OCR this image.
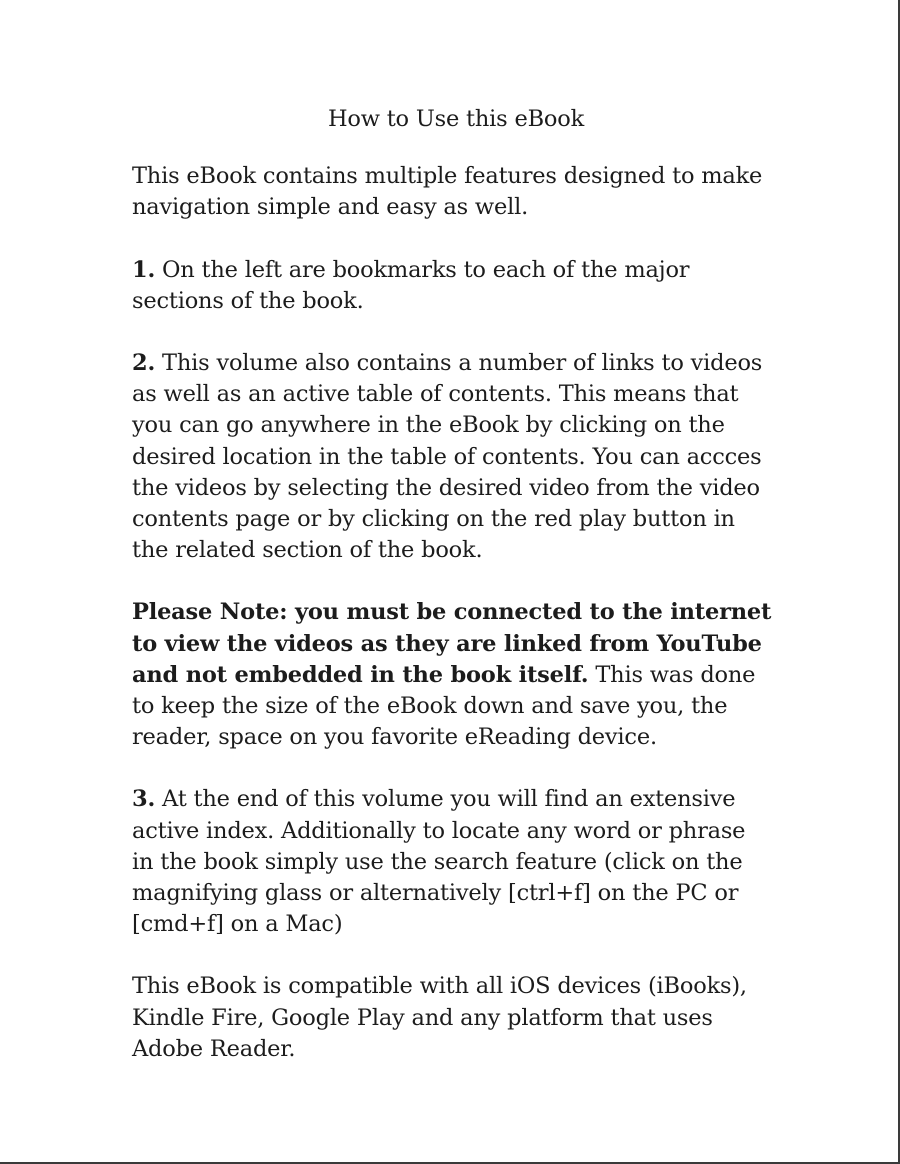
How to Use this eBook

This eBook contains multiple features designed to make navigation simple and easy as well.

1. On the left are bookmarks to each of the major sections of the book.

2. This volume also contains a number of links to videos as well as an active table of contents. This means that you can go anywhere in the eBook by clicking on the desired location in the table of contents. You can accces the videos by selecting the desired video from the video contents page or by clicking on the red play button in the related section of the book.

Please Note: you must be connected to the internet to view the videos as they are linked from YouTube and not embedded in the book itself. This was done to keep the size of the eBook down and save you, the reader, space on you favorite eReading device.

3. At the end of this volume you will find an extensive active index. Additionally to locate any word or phrase in the book simply use the search feature (click on the magnifying glass or alternatively [ctrl+f] on the PC or [cmd+f] on a Mac)

This eBook is compatible with all iOS devices (iBooks), Kindle Fire, Google Play and any platform that uses Adobe Reader.
